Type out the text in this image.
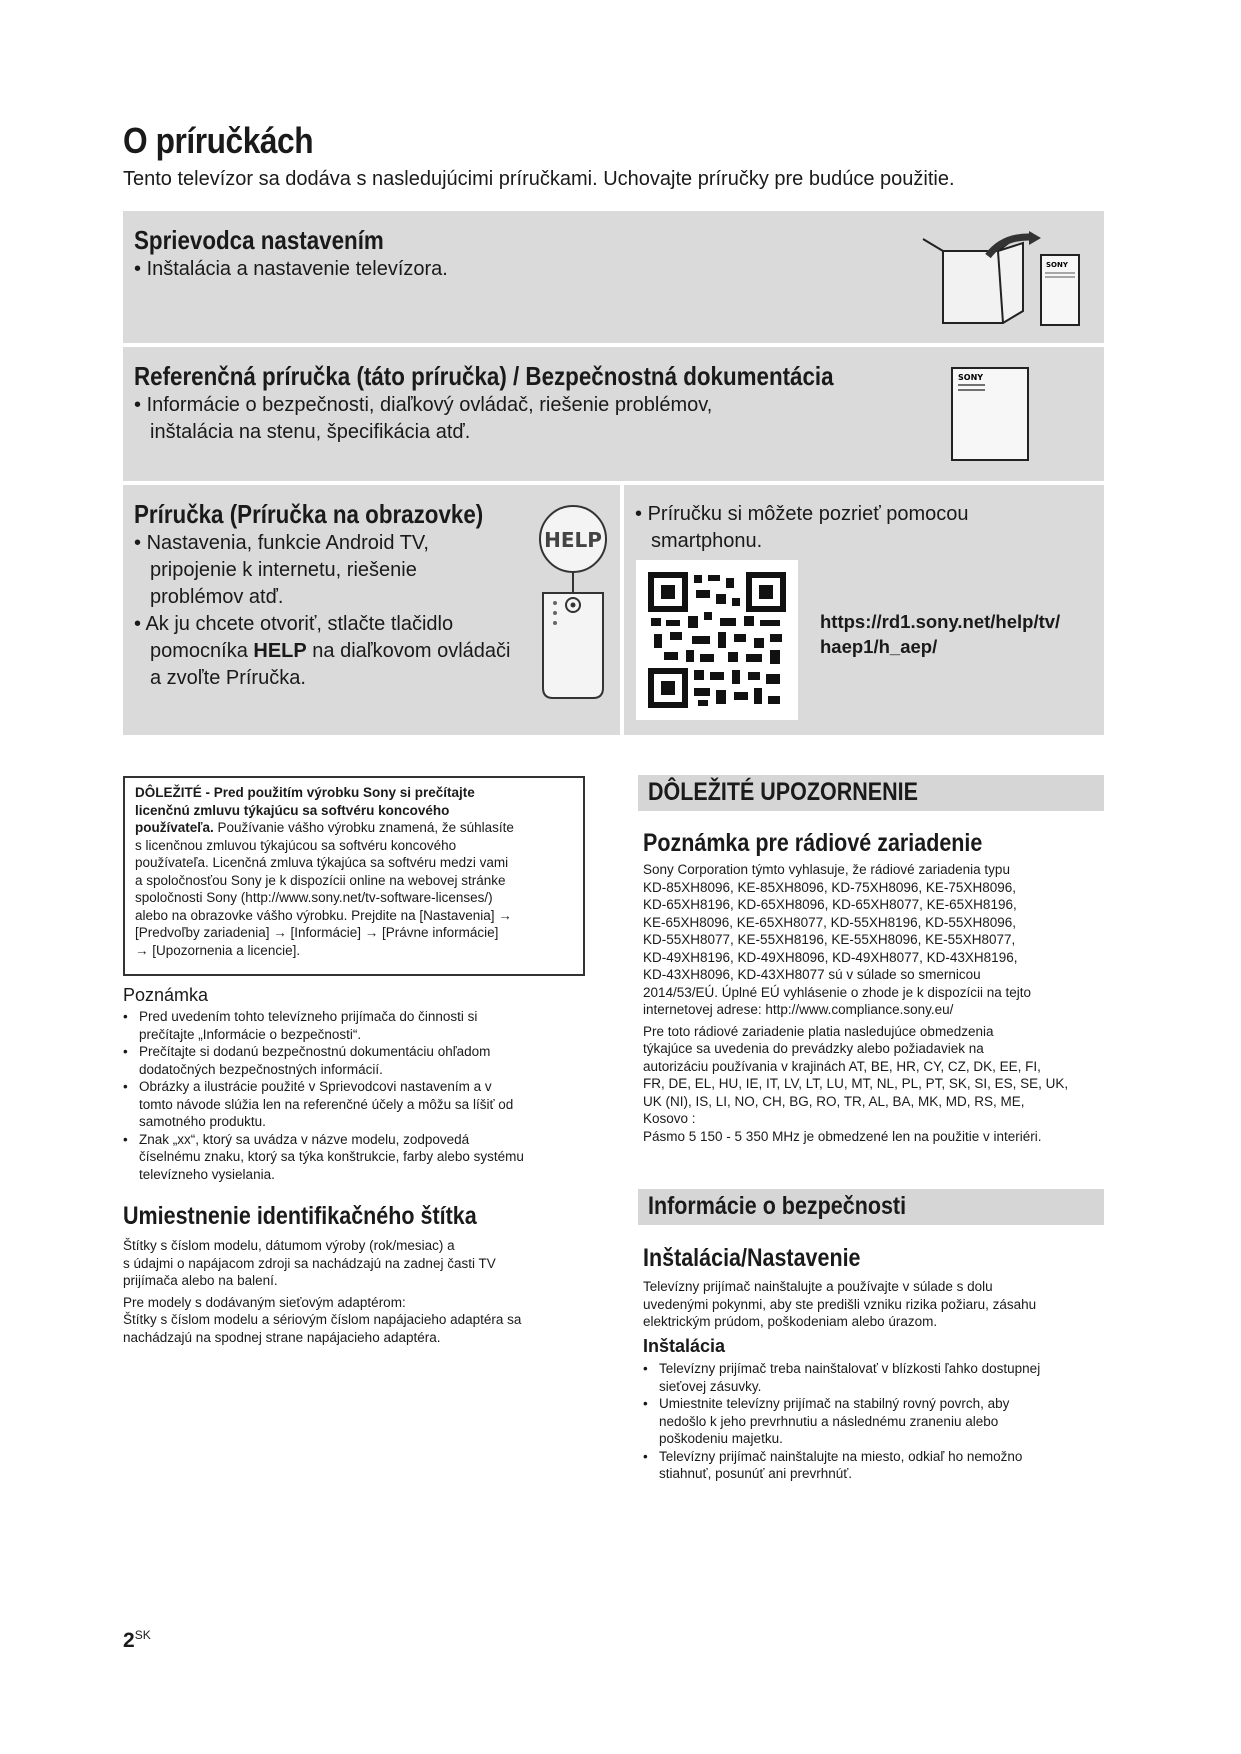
O príručkách
Tento televízor sa dodáva s nasledujúcimi príručkami. Uchovajte príručky pre budúce použitie.
Sprievodca nastavením
• Inštalácia a nastavenie televízora.	SONY
Referenčná príručka (táto príručka) / Bezpečnostná dokumentácia
• Informácie o bezpečnosti, diaľkový ovládač, riešenie problémov,
inštalácia na stenu, špecifikácia atď.
SONY
Príručka (Príručka na obrazovke)
• Nastavenia, funkcie Android TV,
pripojenie k internetu, riešenie
problémov atď.
• Ak ju chcete otvoriť, stlačte tlačidlo
pomocníka HELP na diaľkovom ovládači
a zvoľte Príručka.
HELP
• Príručku si môžete pozrieť pomocou
smartphonu.
https://rd1.sony.net/help/tv/
haep1/h_aep/
DÔLEŽITÉ - Pred použitím výrobku Sony si prečítajte
licenčnú zmluvu týkajúcu sa softvéru koncového
používateľa. Používanie vášho výrobku znamená, že súhlasíte
s licenčnou zmluvou týkajúcou sa softvéru koncového
používateľa. Licenčná zmluva týkajúca sa softvéru medzi vami
a spoločnosťou Sony je k dispozícii online na webovej stránke
spoločnosti Sony (http://www.sony.net/tv-software-licenses/)
alebo na obrazovke vášho výrobku. Prejdite na [Nastavenia] →
[Predvoľby zariadenia] → [Informácie] → [Právne informácie]
→ [Upozornenia a licencie].
Poznámka
• Pred uvedením tohto televízneho prijímača do činnosti si
prečítajte „Informácie o bezpečnosti“.
• Prečítajte si dodanú bezpečnostnú dokumentáciu ohľadom
dodatočných bezpečnostných informácií.
• Obrázky a ilustrácie použité v Sprievodcovi nastavením a v
tomto návode slúžia len na referenčné účely a môžu sa líšiť od
samotného produktu.
• Znak „xx“, ktorý sa uvádza v názve modelu, zodpovedá
číselnému znaku, ktorý sa týka konštrukcie, farby alebo systému
televízneho vysielania.
Umiestnenie identifikačného štítka
Štítky s číslom modelu, dátumom výroby (rok/mesiac) a
s údajmi o napájacom zdroji sa nachádzajú na zadnej časti TV
prijímača alebo na balení.
Pre modely s dodávaným sieťovým adaptérom:
Štítky s číslom modelu a sériovým číslom napájacieho adaptéra sa
nachádzajú na spodnej strane napájacieho adaptéra.
DÔLEŽITÉ UPOZORNENIE
Poznámka pre rádiové zariadenie
Sony Corporation týmto vyhlasuje, že rádiové zariadenia typu
KD-85XH8096, KE-85XH8096, KD-75XH8096, KE-75XH8096,
KD-65XH8196, KD-65XH8096, KD-65XH8077, KE-65XH8196,
KE-65XH8096, KE-65XH8077, KD-55XH8196, KD-55XH8096,
KD-55XH8077, KE-55XH8196, KE-55XH8096, KE-55XH8077,
KD-49XH8196, KD-49XH8096, KD-49XH8077, KD-43XH8196,
KD-43XH8096, KD-43XH8077 sú v súlade so smernicou
2014/53/EÚ. Úplné EÚ vyhlásenie o zhode je k dispozícii na tejto
internetovej adrese: http://www.compliance.sony.eu/
Pre toto rádiové zariadenie platia nasledujúce obmedzenia
týkajúce sa uvedenia do prevádzky alebo požiadaviek na
autorizáciu používania v krajinách AT, BE, HR, CY, CZ, DK, EE, FI,
FR, DE, EL, HU, IE, IT, LV, LT, LU, MT, NL, PL, PT, SK, SI, ES, SE, UK,
UK (NI), IS, LI, NO, CH, BG, RO, TR, AL, BA, MK, MD, RS, ME,
Kosovo :
Pásmo 5 150 - 5 350 MHz je obmedzené len na použitie v interiéri.
Informácie o bezpečnosti
Inštalácia/Nastavenie
Televízny prijímač nainštalujte a používajte v súlade s dolu
uvedenými pokynmi, aby ste predišli vzniku rizika požiaru, zásahu
elektrickým prúdom, poškodeniam alebo úrazom.
Inštalácia
• Televízny prijímač treba nainštalovať v blízkosti ľahko dostupnej
sieťovej zásuvky.
• Umiestnite televízny prijímač na stabilný rovný povrch, aby
nedošlo k jeho prevrhnutiu a následnému zraneniu alebo
poškodeniu majetku.
• Televízny prijímač nainštalujte na miesto, odkiaľ ho nemožno
stiahnuť, posunúť ani prevrhnúť.
$2^{SK}$
